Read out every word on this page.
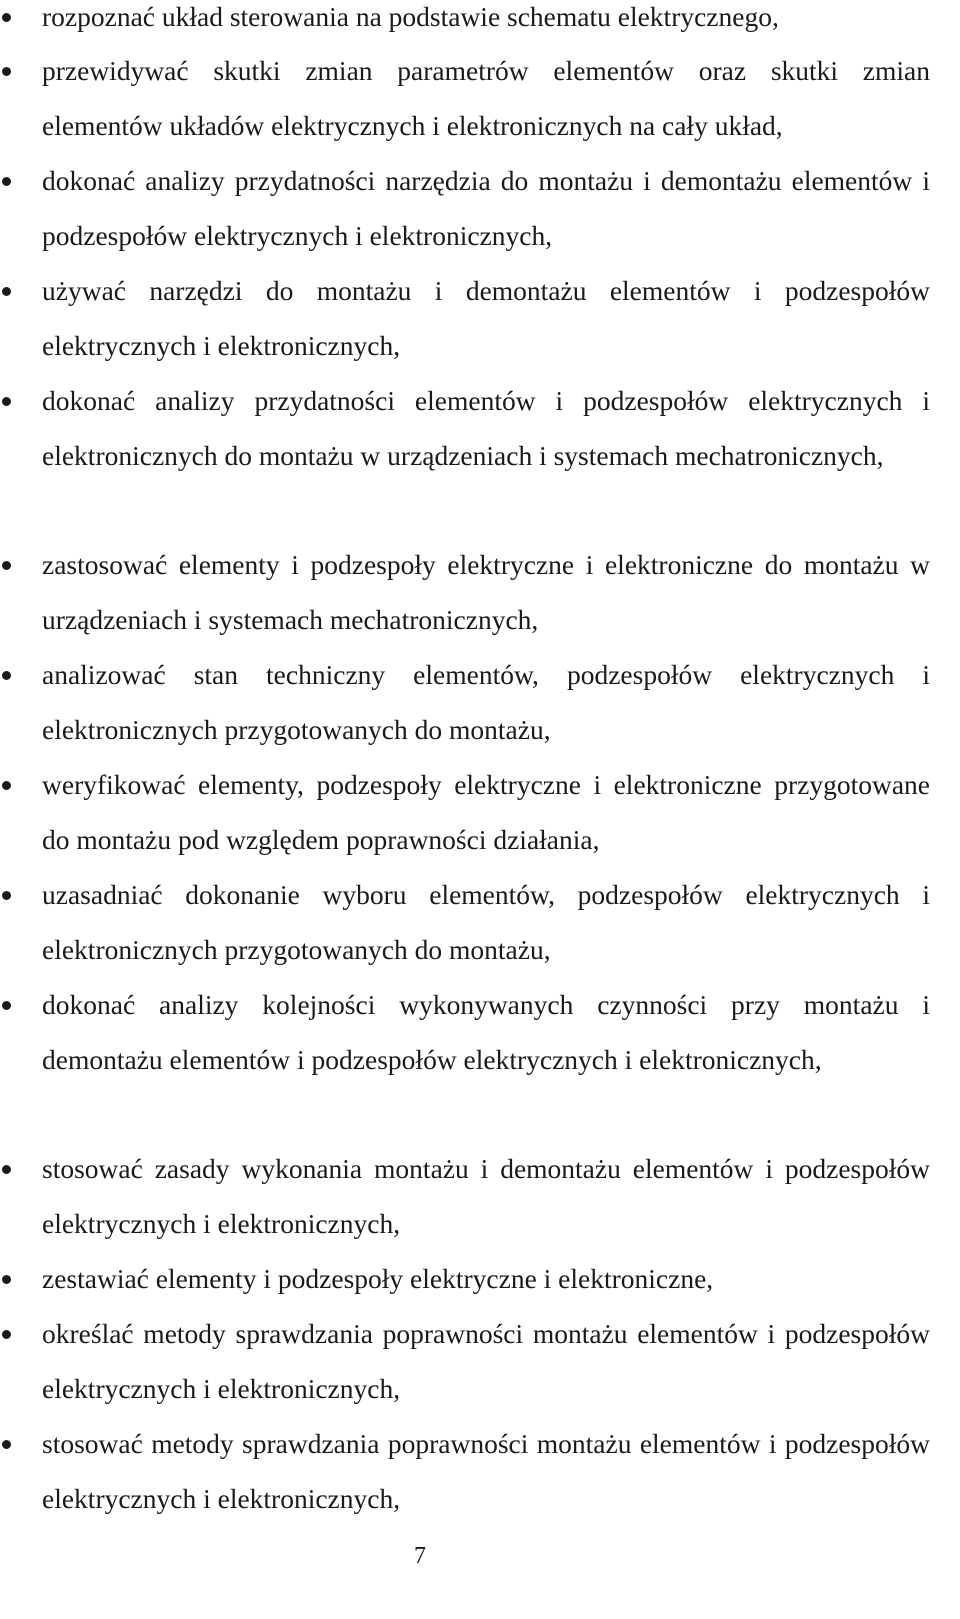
rozpoznać układ sterowania na podstawie schematu elektrycznego,
przewidywać skutki zmian parametrów elementów oraz skutki zmian elementów układów elektrycznych i elektronicznych na cały układ,
dokonać analizy przydatności narzędzia do montażu i demontażu elementów i podzespołów elektrycznych i elektronicznych,
używać narzędzi do montażu i demontażu elementów i podzespołów elektrycznych i elektronicznych,
dokonać analizy przydatności elementów i podzespołów elektrycznych i elektronicznych do montażu w urządzeniach i systemach mechatronicznych,
zastosować elementy i podzespoły elektryczne i elektroniczne do montażu w urządzeniach i systemach mechatronicznych,
analizować stan techniczny elementów, podzespołów elektrycznych i elektronicznych przygotowanych do montażu,
weryfikować elementy, podzespoły elektryczne i elektroniczne przygotowane do montażu pod względem poprawności działania,
uzasadniać dokonanie wyboru elementów, podzespołów elektrycznych i elektronicznych przygotowanych do montażu,
dokonać analizy kolejności wykonywanych czynności przy montażu i demontażu elementów i podzespołów elektrycznych i elektronicznych,
stosować zasady wykonania montażu i demontażu elementów i podzespołów elektrycznych i elektronicznych,
zestawiać elementy i podzespoły elektryczne i elektroniczne,
określać metody sprawdzania poprawności montażu elementów i podzespołów elektrycznych i elektronicznych,
stosować metody sprawdzania poprawności montażu elementów i podzespołów elektrycznych i elektronicznych,
7
